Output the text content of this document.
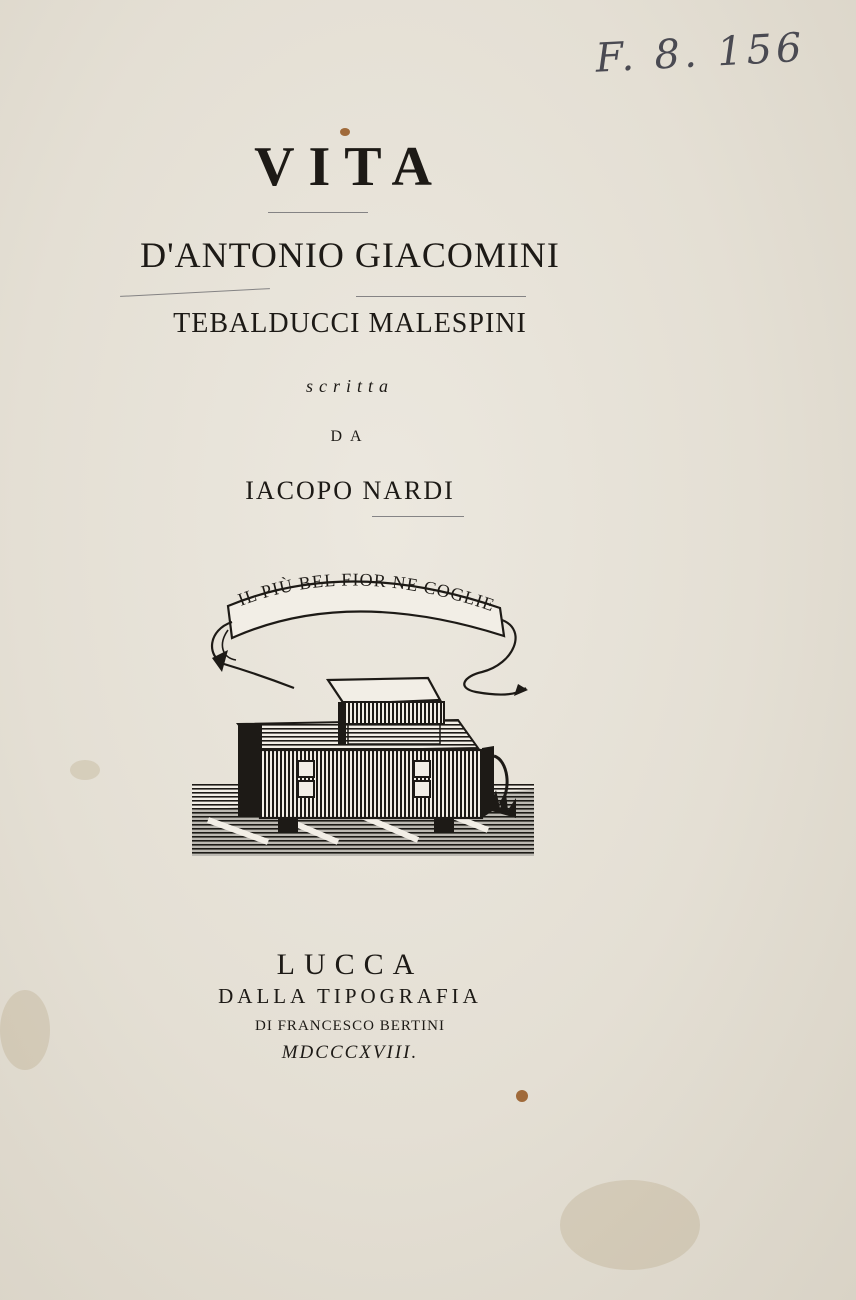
F. 8. 156
VITA
D'ANTONIO GIACOMINI
TEBALDUCCI MALESPINI
scritta
DA
IACOPO NARDI
IL PIÙ BEL FIOR NE COGLIE
LUCCA
DALLA TIPOGRAFIA
DI FRANCESCO BERTINI
MDCCCXVIII.
